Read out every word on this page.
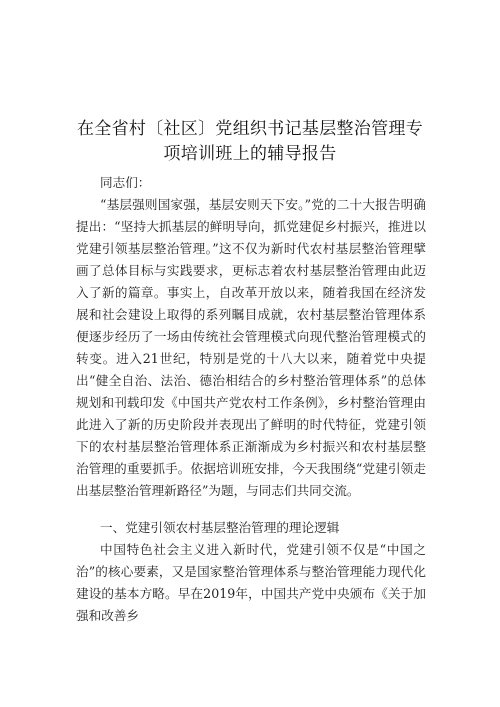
在全省村〔社区〕党组织书记基层整治管理专项培训班上的辅导报告
同志们：
“基层强则国家强，基层安则天下安。”党的二十大报告明确提出：“坚持大抓基层的鲜明导向，抓党建促乡村振兴，推进以党建引领基层整治管理。”这不仅为新时代农村基层整治管理擘画了总体目标与实践要求，更标志着农村基层整治管理由此迈入了新的篇章。事实上，自改革开放以来，随着我国在经济发展和社会建设上取得的系列瞩目成就，农村基层整治管理体系便逐步经历了一场由传统社会管理模式向现代整治管理模式的转变。进入21世纪，特别是党的十八大以来，随着党中央提出“健全自治、法治、德治相结合的乡村整治管理体系”的总体规划和刊载印发《中国共产党农村工作条例》，乡村整治管理由此进入了新的历史阶段并表现出了鲜明的时代特征，党建引领下的农村基层整治管理体系正渐渐成为乡村振兴和农村基层整治管理的重要抓手。依据培训班安排，今天我围绕“党建引领走出基层整治管理新路径”为题，与同志们共同交流。
一、党建引领农村基层整治管理的理论逻辑
中国特色社会主义进入新时代，党建引领不仅是“中国之治”的核心要素，又是国家整治管理体系与整治管理能力现代化建设的基本方略。早在2019年，中国共产党中央颁布《关于加强和改善乡
